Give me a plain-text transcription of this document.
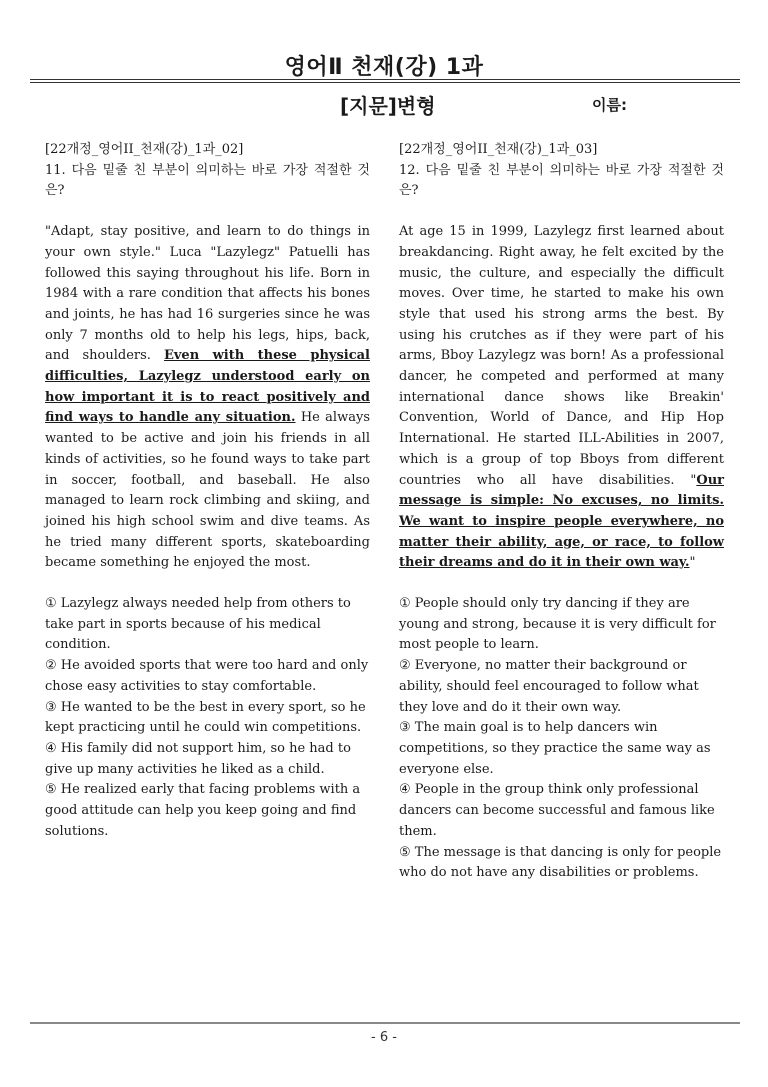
영어Ⅱ 천재(강) 1과
[지문]변형	이름:

[22개정_영어II_천재(강)_1과_02]

11. 다음 밑줄 친 부분이 의미하는 바로 가장 적절한 것은?

"Adapt, stay positive, and learn to do things in your own style." Luca "Lazylegz" Patuelli has followed this saying throughout his life. Born in 1984 with a rare condition that affects his bones and joints, he has had 16 surgeries since he was only 7 months old to help his legs, hips, back, and shoulders. Even with these physical difficulties, Lazylegz understood early on how important it is to react positively and find ways to handle any situation. He always wanted to be active and join his friends in all kinds of activities, so he found ways to take part in soccer, football, and baseball. He also managed to learn rock climbing and skiing, and joined his high school swim and dive teams. As he tried many different sports, skateboarding became something he enjoyed the most.

① Lazylegz always needed help from others to take part in sports because of his medical condition.
② He avoided sports that were too hard and only chose easy activities to stay comfortable.
③ He wanted to be the best in every sport, so he kept practicing until he could win competitions.
④ His family did not support him, so he had to give up many activities he liked as a child.
⑤ He realized early that facing problems with a good attitude can help you keep going and find solutions.

[22개정_영어II_천재(강)_1과_03]

12. 다음 밑줄 친 부분이 의미하는 바로 가장 적절한 것은?

At age 15 in 1999, Lazylegz first learned about breakdancing. Right away, he felt excited by the music, the culture, and especially the difficult moves. Over time, he started to make his own style that used his strong arms the best. By using his crutches as if they were part of his arms, Bboy Lazylegz was born! As a professional dancer, he competed and performed at many international dance shows like Breakin' Convention, World of Dance, and Hip Hop International. He started ILL-Abilities in 2007, which is a group of top Bboys from different countries who all have disabilities. "Our message is simple: No excuses, no limits. We want to inspire people everywhere, no matter their ability, age, or race, to follow their dreams and do it in their own way."

① People should only try dancing if they are young and strong, because it is very difficult for most people to learn.
② Everyone, no matter their background or ability, should feel encouraged to follow what they love and do it their own way.
③ The main goal is to help dancers win competitions, so they practice the same way as everyone else.
④ People in the group think only professional dancers can become successful and famous like them.
⑤ The message is that dancing is only for people who do not have any disabilities or problems.
- 6 -
